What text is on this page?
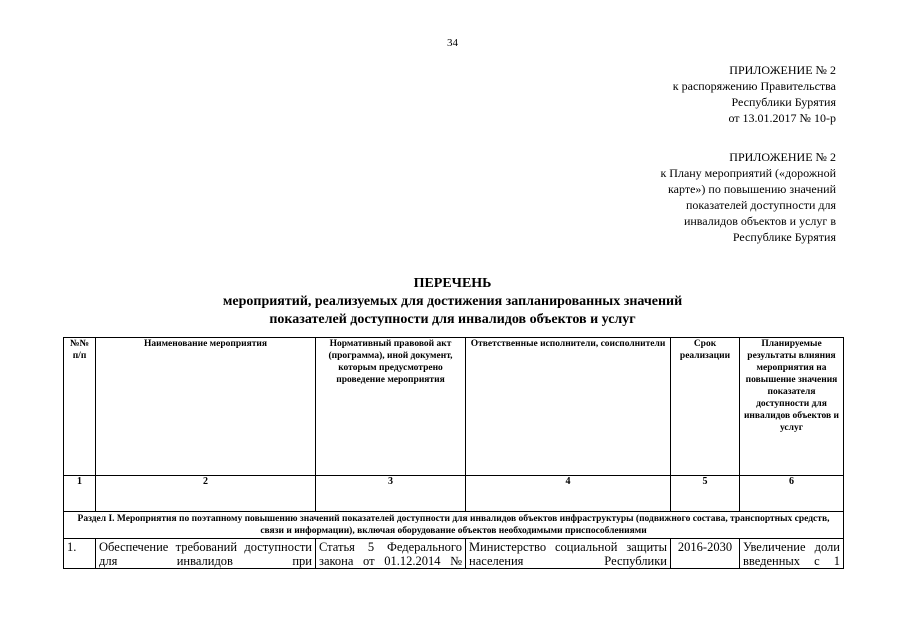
34
ПРИЛОЖЕНИЕ № 2
к распоряжению Правительства
Республики Бурятия
от 13.01.2017 № 10-р
ПРИЛОЖЕНИЕ № 2
к Плану мероприятий («дорожной
карте») по повышению значений
показателей доступности для
инвалидов объектов и услуг в
Республике Бурятия
ПЕРЕЧЕНЬ
мероприятий, реализуемых для достижения запланированных значений
показателей доступности для инвалидов объектов и услуг
№№ п/п	Наименование мероприятия	Нормативный правовой акт (программа), иной документ, которым предусмотрено проведение мероприятия	Ответственные исполнители, соисполнители	Срок реализации	Планируемые результаты влияния мероприятия на повышение значения показателя доступности для инвалидов объектов и услуг
1	2	3	4	5	6
Раздел I. Мероприятия по поэтапному повышению значений показателей доступности для инвалидов объектов инфраструктуры (подвижного состава, транспортных средств, связи и информации), включая оборудование объектов необходимыми приспособлениями					

1.	Обеспечение требований доступности для инвалидов при	Статья 5 Федерального закона от 01.12.2014 №	Министерство социальной защиты населения Республики	2016-2030	Увеличение доли введенных с 1
